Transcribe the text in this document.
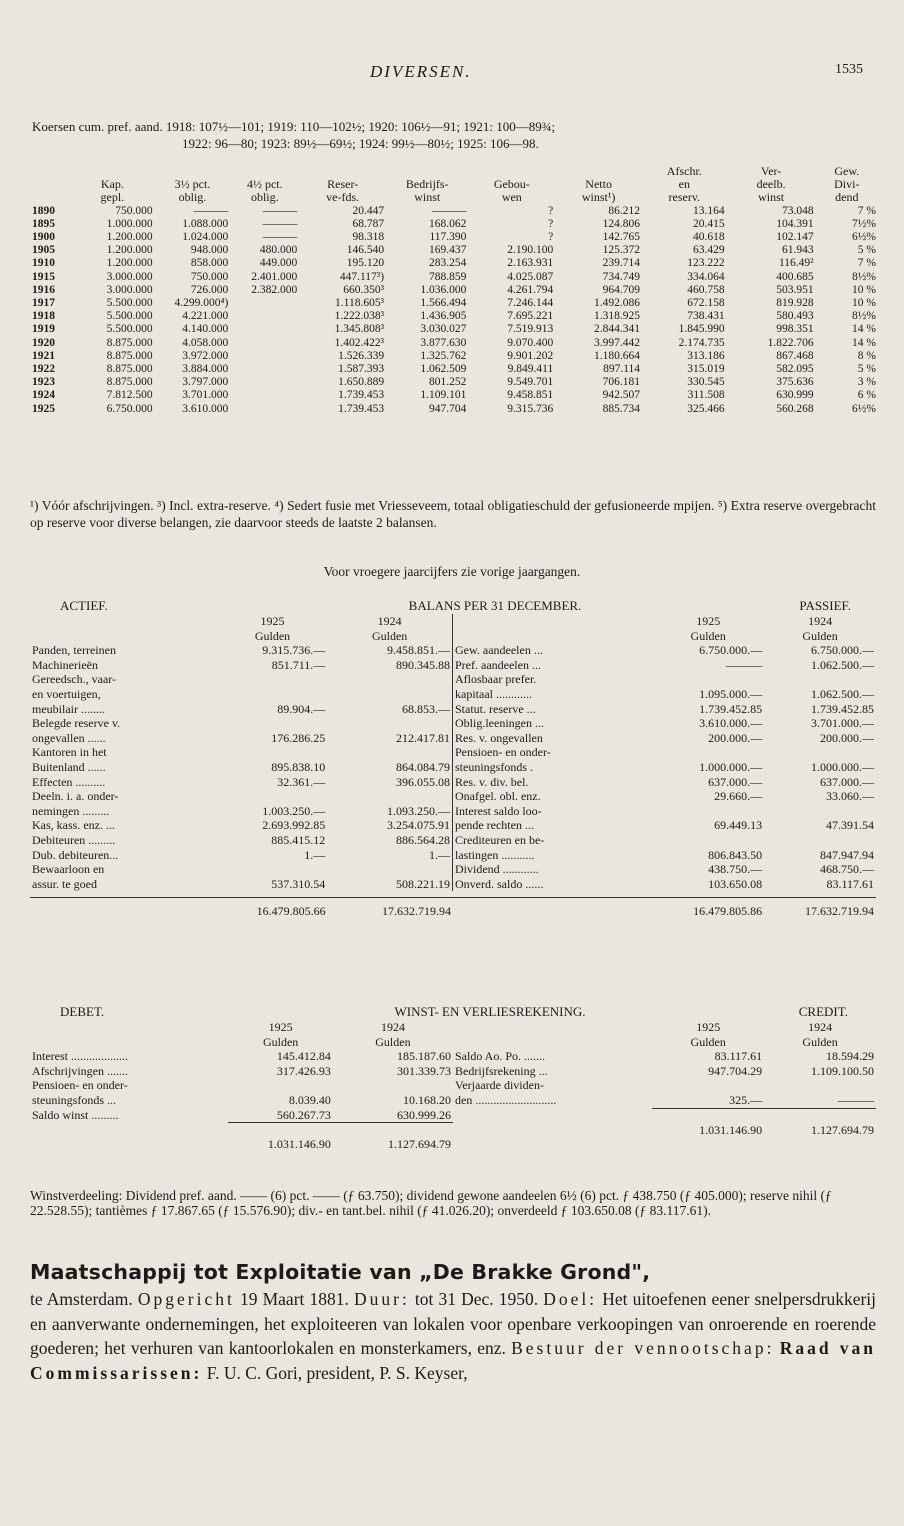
DIVERSEN.	1535
Koersen cum. pref. aand. 1918: 107½—101; 1919: 110—102½; 1920: 106½—91; 1921: 100—89¾;
1922: 96—80; 1923: 89½—69½; 1924: 99½—80½; 1925: 106—98.
								Afschr.	Ver-	Gew.
	Kap.	3½ pct.	4½ pct.	Reser-	Bedrijfs-	Gebou-	Netto	en	deelb.	Divi-
	gepl.	oblig.	oblig.	ve-fds.	winst	wen	winst¹)	reserv.	winst	dend
1890	750.000	———	———	20.447	———	?	86.212	13.164	73.048	7 %
1895	1.000.000	1.088.000	———	68.787	168.062	?	124.806	20.415	104.391	7½%
1900	1.200.000	1.024.000	———	98.318	117.390	?	142.765	40.618	102.147	6½%
1905	1.200.000	948.000	480.000	146.540	169.437	2.190.100	125.372	63.429	61.943	5 %
1910	1.200.000	858.000	449.000	195.120	283.254	2.163.931	239.714	123.222	116.49²	7 %
1915	3.000.000	750.000	2.401.000	447.117³)	788.859	4.025.087	734.749	334.064	400.685	8½%
1916	3.000.000	726.000	2.382.000	660.350³	1.036.000	4.261.794	964.709	460.758	503.951	10 %
1917	5.500.000	4.299.000⁴)		1.118.605³	1.566.494	7.246.144	1.492.086	672.158	819.928	10 %
1918	5.500.000	4.221.000		1.222.038³	1.436.905	7.695.221	1.318.925	738.431	580.493	8½%
1919	5.500.000	4.140.000		1.345.808³	3.030.027	7.519.913	2.844.341	1.845.990	998.351	14 %
1920	8.875.000	4.058.000		1.402.422³	3.877.630	9.070.400	3.997.442	2.174.735	1.822.706	14 %
1921	8.875.000	3.972.000		1.526.339	1.325.762	9.901.202	1.180.664	313.186	867.468	8 %
1922	8.875.000	3.884.000		1.587.393	1.062.509	9.849.411	897.114	315.019	582.095	5 %
1923	8.875.000	3.797.000		1.650.889	801.252	9.549.701	706.181	330.545	375.636	3 %
1924	7.812.500	3.701.000		1.739.453	1.109.101	9.458.851	942.507	311.508	630.999	6 %
1925	6.750.000	3.610.000		1.739.453	947.704	9.315.736	885.734	325.466	560.268	6½%
¹) Vóór afschrijvingen. ³) Incl. extra-reserve. ⁴) Sedert fusie met Vriesseveem, totaal obligatieschuld der gefusioneerde mpijen. ⁵) Extra reserve overgebracht op reserve voor diverse belangen, zie daarvoor steeds de laatste 2 balansen.
Voor vroegere jaarcijfers zie vorige jaargangen.
ACTIEF.	BALANS PER 31 DECEMBER.	PASSIEF.
	1925	1924
	Gulden	Gulden
Panden, terreinen	9.315.736.—	9.458.851.—
Machinerieën	851.711.—	890.345.88
Gereedsch., vaar-		
en voertuigen,		
meubilair ........	89.904.—	68.853.—
Belegde reserve v.		
ongevallen ......	176.286.25	212.417.81
Kantoren in het		
Buitenland ......	895.838.10	864.084.79
Effecten ..........	32.361.—	396.055.08
Deeln. i. a. onder-		
nemingen .........	1.003.250.—	1.093.250.—
Kas, kass. enz. ...	2.693.992.85	3.254.075.91
Debiteuren .........	885.415.12	886.564.28
Dub. debiteuren...	1.—	1.—
Bewaarloon en		
assur. te goed	537.310.54	508.221.19
	1925	1924
	Gulden	Gulden
Gew. aandeelen ...	6.750.000.—	6.750.000.—
Pref. aandeelen ...	———	1.062.500.—
Aflosbaar prefer.		
kapitaal ............	1.095.000.—	1.062.500.—
Statut. reserve ...	1.739.452.85	1.739.452.85
Oblig.leeningen ...	3.610.000.—	3.701.000.—
Res. v. ongevallen	200.000.—	200.000.—
Pensioen- en onder-		
steuningsfonds .	1.000.000.—	1.000.000.—
Res. v. div. bel.	637.000.—	637.000.—
Onafgel. obl. enz.	29.660.—	33.060.—
Interest saldo loo-		
pende rechten ...	69.449.13	47.391.54
Crediteuren en be-		
lastingen ...........	806.843.50	847.947.94
Dividend ............	438.750.—	468.750.—
Onverd. saldo ......	103.650.08	83.117.61
	16.479.805.66	17.632.719.94
		16.479.805.86	17.632.719.94
DEBET.	WINST- EN VERLIESREKENING.	CREDIT.
	1925	1924
	Gulden	Gulden
Interest ...................	145.412.84	185.187.60
Afschrijvingen .......	317.426.93	301.339.73
Pensioen- en onder-		
steuningsfonds ...	8.039.40	10.168.20
Saldo winst .........	560.267.73	630.999.26
	1.031.146.90	1.127.694.79
	1925	1924
	Gulden	Gulden
Saldo Ao. Po. .......	83.117.61	18.594.29
Bedrijfsrekening ...	947.704.29	1.109.100.50
Verjaarde dividen-		
den ...........................	325.—	———

	1.031.146.90	1.127.694.79
Winstverdeeling: Dividend pref. aand. —— (6) pct. —— (ƒ 63.750); dividend gewone aandeelen 6½ (6) pct. ƒ 438.750 (ƒ 405.000); reserve nihil (ƒ 22.528.55); tantièmes ƒ 17.867.65 (ƒ 15.576.90); div.- en tant.bel. nihil (ƒ 41.026.20); onverdeeld ƒ 103.650.08 (ƒ 83.117.61).
Maatschappij tot Exploitatie van „De Brakke Grond",
te Amsterdam. Opgericht 19 Maart 1881. Duur: tot 31 Dec. 1950. Doel: Het uitoefenen eener snelpersdrukkerij en aanverwante ondernemingen, het exploiteeren van lokalen voor openbare verkoopingen van onroerende en roerende goederen; het verhuren van kantoorlokalen en monsterkamers, enz. Bestuur der vennootschap: Raad van Commissarissen: F. U. C. Gori, president, P. S. Keyser,
